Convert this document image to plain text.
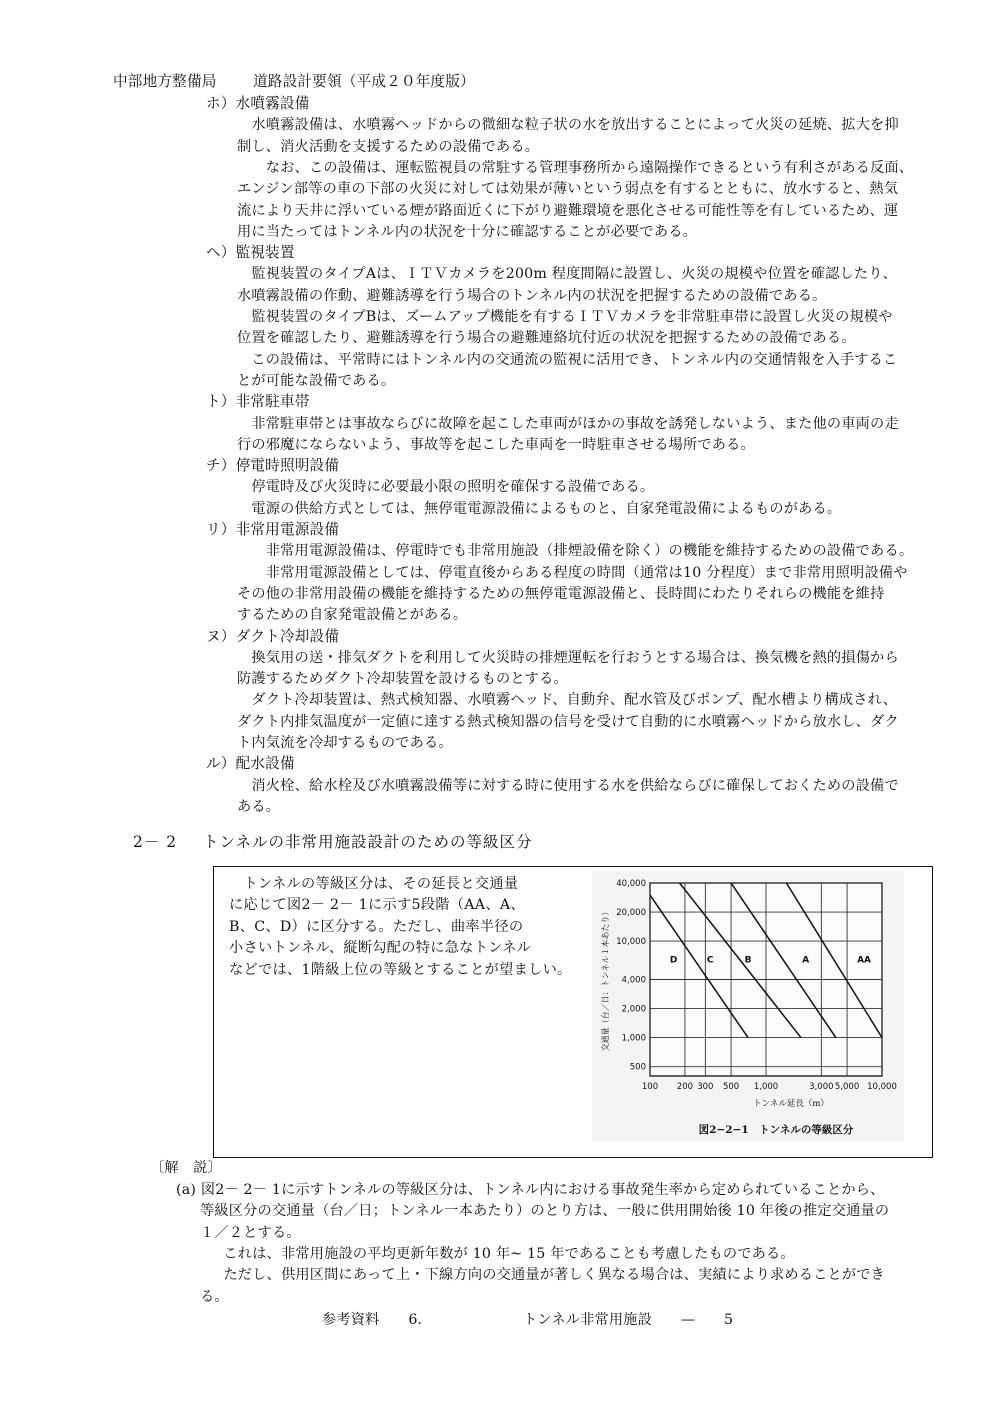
中部地方整備局 道路設計要領（平成２０年度版）
ホ）水噴霧設備
　水噴霧設備は、水噴霧ヘッドからの微細な粒子状の水を放出することによって火災の延焼、拡大を抑
制し、消火活動を支援するための設備である。
　　なお、この設備は、運転監視員の常駐する管理事務所から遠隔操作できるという有利さがある反面、
エンジン部等の車の下部の火災に対しては効果が薄いという弱点を有するとともに、放水すると、熱気
流により天井に浮いている煙が路面近くに下がり避難環境を悪化させる可能性等を有しているため、運
用に当たってはトンネル内の状況を十分に確認することが必要である。
ヘ）監視装置
　監視装置のタイプAは、ＩＴＶカメラを200m 程度間隔に設置し、火災の規模や位置を確認したり、
水噴霧設備の作動、避難誘導を行う場合のトンネル内の状況を把握するための設備である。
　監視装置のタイプBは、ズームアップ機能を有するＩＴＶカメラを非常駐車帯に設置し火災の規模や
位置を確認したり、避難誘導を行う場合の避難連絡坑付近の状況を把握するための設備である。
　この設備は、平常時にはトンネル内の交通流の監視に活用でき、トンネル内の交通情報を入手するこ
とが可能な設備である。
ト）非常駐車帯
　非常駐車帯とは事故ならびに故障を起こした車両がほかの事故を誘発しないよう、また他の車両の走
行の邪魔にならないよう、事故等を起こした車両を一時駐車させる場所である。
チ）停電時照明設備
　停電時及び火災時に必要最小限の照明を確保する設備である。
　電源の供給方式としては、無停電電源設備によるものと、自家発電設備によるものがある。
リ）非常用電源設備
　　非常用電源設備は、停電時でも非常用施設（排煙設備を除く）の機能を維持するための設備である。
　　非常用電源設備としては、停電直後からある程度の時間（通常は10 分程度）まで非常用照明設備や
その他の非常用設備の機能を維持するための無停電電源設備と、長時間にわたりそれらの機能を維持
するための自家発電設備とがある。
ヌ）ダクト冷却設備
　換気用の送・排気ダクトを利用して火災時の排煙運転を行おうとする場合は、換気機を熱的損傷から
防護するためダクト冷却装置を設けるものとする。
　ダクト冷却装置は、熱式検知器、水噴霧ヘッド、自動弁、配水管及びポンプ、配水槽より構成され、
ダクト内排気温度が一定値に達する熱式検知器の信号を受けて自動的に水噴霧ヘッドから放水し、ダク
ト内気流を冷却するものである。
ル）配水設備
　消火栓、給水栓及び水噴霧設備等に対する時に使用する水を供給ならびに確保しておくための設備で
ある。
2－ 2 トンネルの非常用施設設計のための等級区分
　トンネルの等級区分は、その延長と交通量
に応じて図2－ 2－ 1に示す5段階（AA、A、
B、C、D）に区分する。ただし、曲率半径の
小さいトンネル、縦断勾配の特に急なトンネル
などでは、1階級上位の等級とすることが望ましい。
100 200 300 500 1,000	3,000 5,000 10,000
500
1,000
2,000
4,000
10,000
20,000
40,000
D	C	B	A	AA
交通量（台／日：トンネル１本あたり）
トンネル延長（m）
図2−2−1　トンネルの等級区分
〔解　説〕
(a) 図2－ 2－ 1に示すトンネルの等級区分は、トンネル内における事故発生率から定められていることから、
等級区分の交通量（台／日；トンネル一本あたり）のとり方は、一般に供用開始後 10 年後の推定交通量の
１／２とする。
　これは、非常用施設の平均更新年数が 10 年~ 15 年であることも考慮したものである。
　ただし、供用区間にあって上・下線方向の交通量が著しく異なる場合は、実績により求めることができ
る。
参考資料　　6．	トンネル非常用施設　　—　　5
